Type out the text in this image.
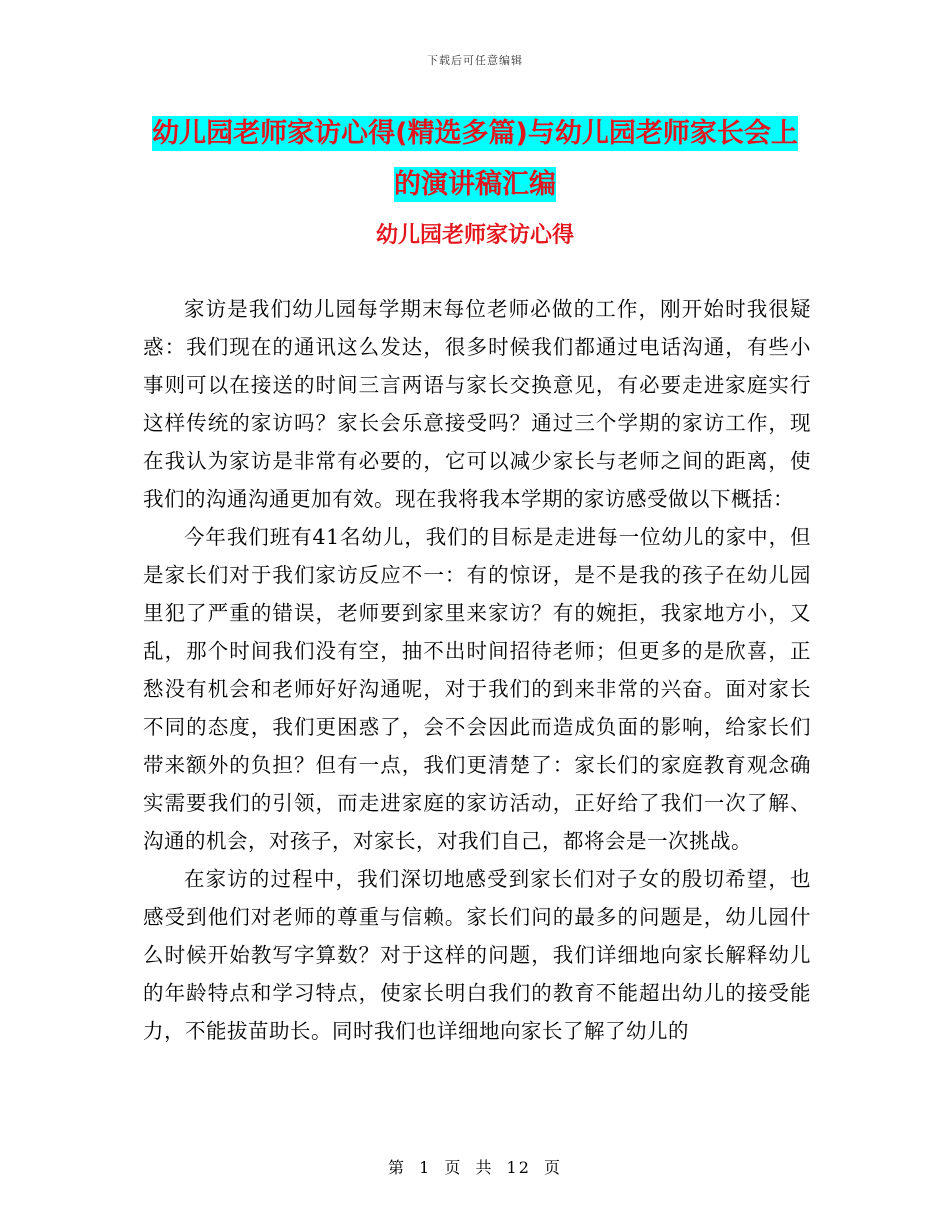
下载后可任意编辑
幼儿园老师家访心得(精选多篇)与幼儿园老师家长会上的演讲稿汇编
幼儿园老师家访心得

家访是我们幼儿园每学期末每位老师必做的工作，刚开始时我很疑惑：我们现在的通讯这么发达，很多时候我们都通过电话沟通，有些小事则可以在接送的时间三言两语与家长交换意见，有必要走进家庭实行这样传统的家访吗？家长会乐意接受吗？通过三个学期的家访工作，现在我认为家访是非常有必要的，它可以减少家长与老师之间的距离，使我们的沟通沟通更加有效。现在我将我本学期的家访感受做以下概括：

今年我们班有41名幼儿，我们的目标是走进每一位幼儿的家中，但是家长们对于我们家访反应不一：有的惊讶，是不是我的孩子在幼儿园里犯了严重的错误，老师要到家里来家访？有的婉拒，我家地方小，又乱，那个时间我们没有空，抽不出时间招待老师；但更多的是欣喜，正愁没有机会和老师好好沟通呢，对于我们的到来非常的兴奋。面对家长不同的态度，我们更困惑了，会不会因此而造成负面的影响，给家长们带来额外的负担？但有一点，我们更清楚了：家长们的家庭教育观念确实需要我们的引领，而走进家庭的家访活动，正好给了我们一次了解、沟通的机会，对孩子，对家长，对我们自己，都将会是一次挑战。

在家访的过程中，我们深切地感受到家长们对子女的殷切希望，也感受到他们对老师的尊重与信赖。家长们问的最多的问题是，幼儿园什么时候开始教写字算数？对于这样的问题，我们详细地向家长解释幼儿的年龄特点和学习特点，使家长明白我们的教育不能超出幼儿的接受能力，不能拔苗助长。同时我们也详细地向家长了解了幼儿的

第 1 页 共 12 页
